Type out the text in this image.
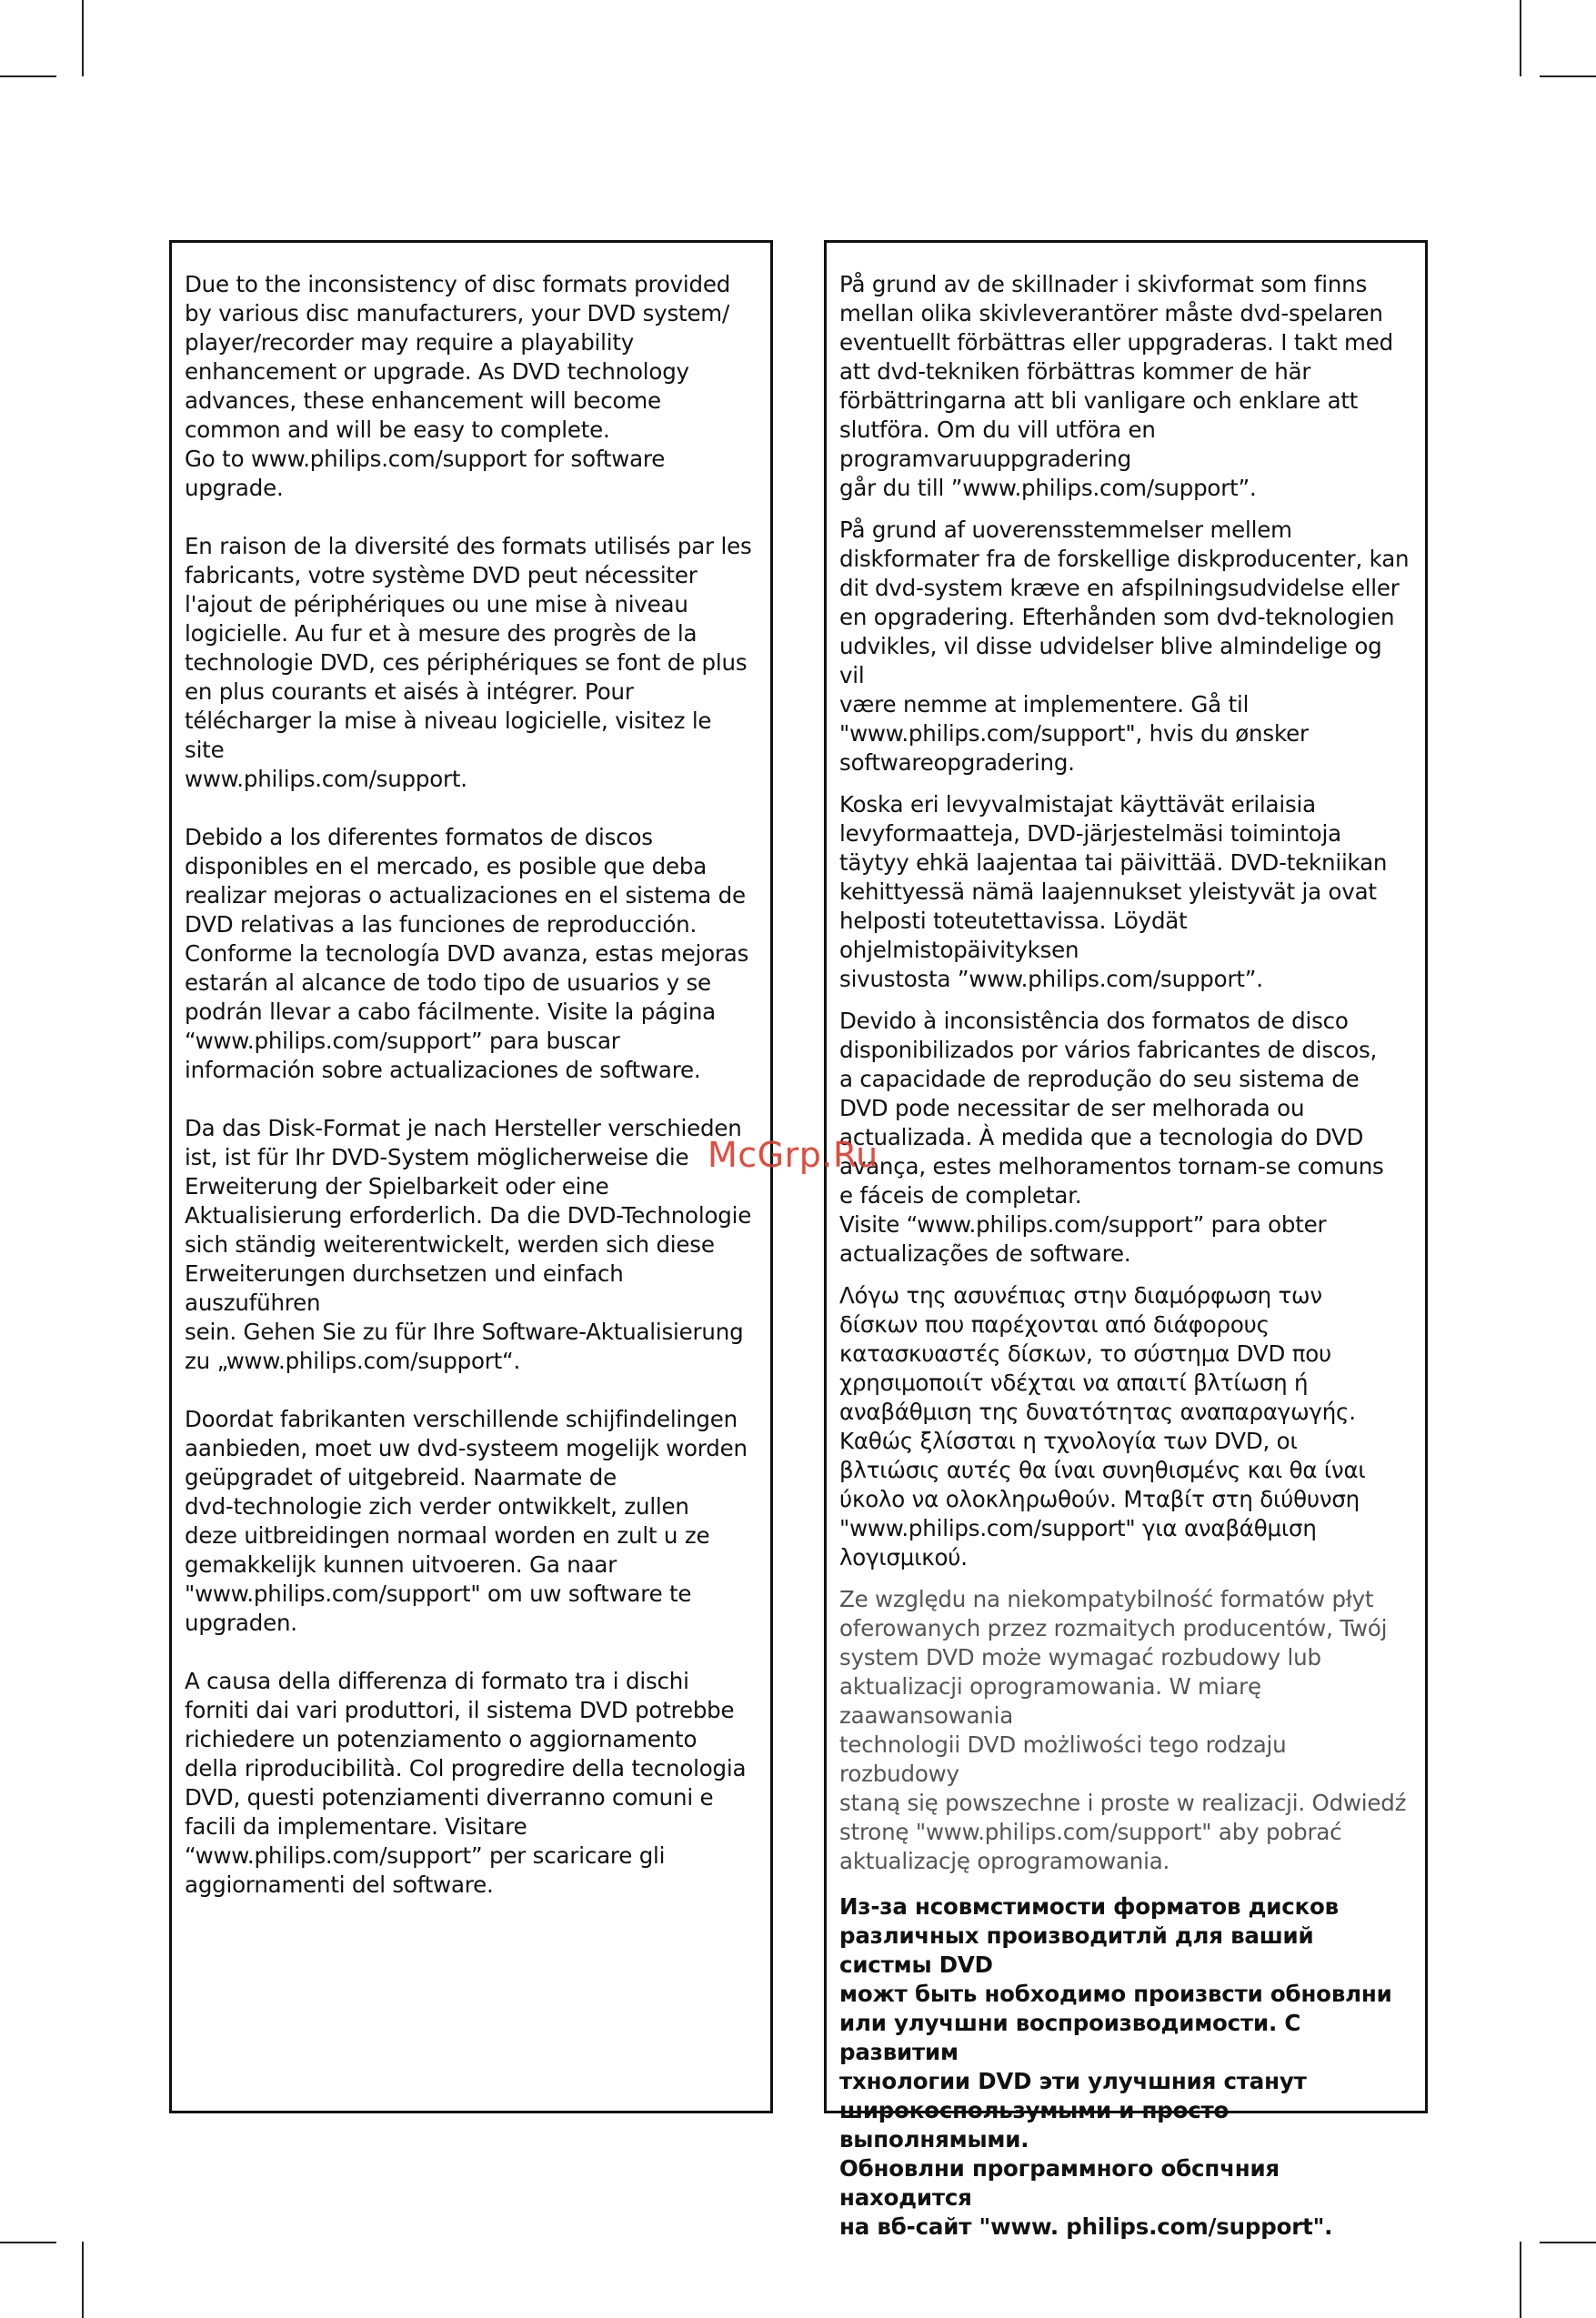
Due to the inconsistency of disc formats provided
by various disc manufacturers, your DVD system/
player/recorder may require a playability
enhancement or upgrade. As DVD technology
advances, these enhancement will become
common and will be easy to complete.
Go to www.philips.com/support for software upgrade.

En raison de la diversité des formats utilisés par les
fabricants, votre système DVD peut nécessiter
l'ajout de périphériques ou une mise à niveau
logicielle. Au fur et à mesure des progrès de la
technologie DVD, ces périphériques se font de plus
en plus courants et aisés à intégrer. Pour
télécharger la mise à niveau logicielle, visitez le site
www.philips.com/support.

Debido a los diferentes formatos de discos
disponibles en el mercado, es posible que deba
realizar mejoras o actualizaciones en el sistema de
DVD relativas a las funciones de reproducción.
Conforme la tecnología DVD avanza, estas mejoras
estarán al alcance de todo tipo de usuarios y se
podrán llevar a cabo fácilmente. Visite la página
“www.philips.com/support” para buscar
información sobre actualizaciones de software.

Da das Disk-Format je nach Hersteller verschieden
ist, ist für Ihr DVD-System möglicherweise die
Erweiterung der Spielbarkeit oder eine
Aktualisierung erforderlich. Da die DVD-Technologie
sich ständig weiterentwickelt, werden sich diese
Erweiterungen durchsetzen und einfach auszuführen
sein. Gehen Sie zu für Ihre Software-Aktualisierung
zu „www.philips.com/support“.

Doordat fabrikanten verschillende schijfindelingen
aanbieden, moet uw dvd-systeem mogelijk worden
geüpgradet of uitgebreid. Naarmate de
dvd-technologie zich verder ontwikkelt, zullen
deze uitbreidingen normaal worden en zult u ze
gemakkelijk kunnen uitvoeren. Ga naar
"www.philips.com/support" om uw software te
upgraden.

A causa della differenza di formato tra i dischi
forniti dai vari produttori, il sistema DVD potrebbe
richiedere un potenziamento o aggiornamento
della riproducibilità. Col progredire della tecnologia
DVD, questi potenziamenti diverranno comuni e
facili da implementare. Visitare
“www.philips.com/support” per scaricare gli
aggiornamenti del software.

På grund av de skillnader i skivformat som finns
mellan olika skivleverantörer måste dvd-spelaren
eventuellt förbättras eller uppgraderas. I takt med
att dvd-tekniken förbättras kommer de här
förbättringarna att bli vanligare och enklare att
slutföra. Om du vill utföra en programvaruuppgradering
går du till ”www.philips.com/support”.

På grund af uoverensstemmelser mellem
diskformater fra de forskellige diskproducenter, kan
dit dvd-system kræve en afspilningsudvidelse eller
en opgradering. Efterhånden som dvd-teknologien
udvikles, vil disse udvidelser blive almindelige og vil
være nemme at implementere. Gå til
"www.philips.com/support", hvis du ønsker
softwareopgradering.

Koska eri levyvalmistajat käyttävät erilaisia
levyformaatteja, DVD-järjestelmäsi toimintoja
täytyy ehkä laajentaa tai päivittää. DVD-tekniikan
kehittyessä nämä laajennukset yleistyvät ja ovat
helposti toteutettavissa. Löydät ohjelmistopäivityksen
sivustosta ”www.philips.com/support”.

Devido à inconsistência dos formatos de disco
disponibilizados por vários fabricantes de discos,
a capacidade de reprodução do seu sistema de
DVD pode necessitar de ser melhorada ou
actualizada. À medida que a tecnologia do DVD
avança, estes melhoramentos tornam-se comuns
e fáceis de completar.
Visite “www.philips.com/support” para obter
actualizações de software.

Λόγω της ασυνέπιας στην διαμόρφωση των
δίσκων που παρέχονται από διάφορους
κατασκυαστές δίσκων, το σύστημα DVD που
χρησιμοποιίτ νδέχται να απαιτί βλτίωση ή
αναβάθμιση της δυνατότητας αναπαραγωγής.
Καθώς ξλίσσται η τχνολογία των DVD, οι
βλτιώσις αυτές θα ίναι συνηθισμένς και θα ίναι
ύκολο να ολοκληρωθούν. Μταβίτ στη διύθυνση
"www.philips.com/support" για αναβάθμιση
λογισμικού.

Ze względu na niekompatybilność formatów płyt
oferowanych przez rozmaitych producentów, Twój
system DVD może wymagać rozbudowy lub
aktualizacji oprogramowania. W miarę zaawansowania
technologii DVD możliwości tego rodzaju rozbudowy
staną się powszechne i proste w realizacji. Odwiedź
stronę "www.philips.com/support" aby pobrać
aktualizację oprogramowania.

Из-за нсовмстимости форматов дисков
различных производитлй для ваший систмы DVD
можт быть нобходимо произвсти обновлни
или улучшни воспроизводимости. С развитим
тхнологии DVD эти улучшния станут
широкоспользумыми и просто выполнямыми.
Обновлни программного обспчния находится
на вб-сайт "www. philips.com/support".

McGrp.Ru
